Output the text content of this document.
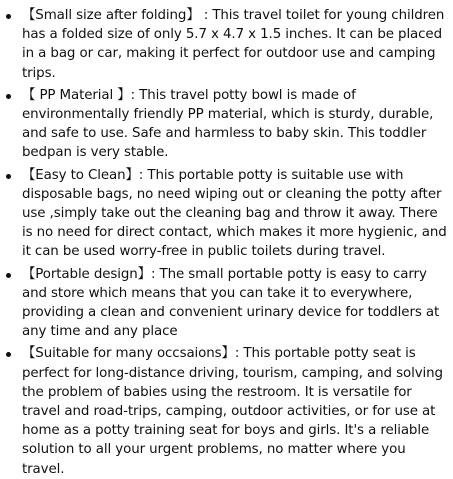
【Small size after folding】 : This travel toilet for young children has a folded size of only 5.7 x 4.7 x 1.5 inches. It can be placed in a bag or car, making it perfect for outdoor use and camping trips.
【 PP Material 】: This travel potty bowl is made of environmentally friendly PP material, which is sturdy, durable, and safe to use. Safe and harmless to baby skin. This toddler bedpan is very stable.
【Easy to Clean】: This portable potty is suitable use with disposable bags, no need wiping out or cleaning the potty after use ,simply take out the cleaning bag and throw it away. There is no need for direct contact, which makes it more hygienic, and it can be used worry-free in public toilets during travel.
【Portable design】: The small portable potty is easy to carry and store which means that you can take it to everywhere, providing a clean and convenient urinary device for toddlers at any time and any place
【Suitable for many occsaions】: This portable potty seat is perfect for long-distance driving, tourism, camping, and solving the problem of babies using the restroom. It is versatile for travel and road-trips, camping, outdoor activities, or for use at home as a potty training seat for boys and girls. It's a reliable solution to all your urgent problems, no matter where you travel.
